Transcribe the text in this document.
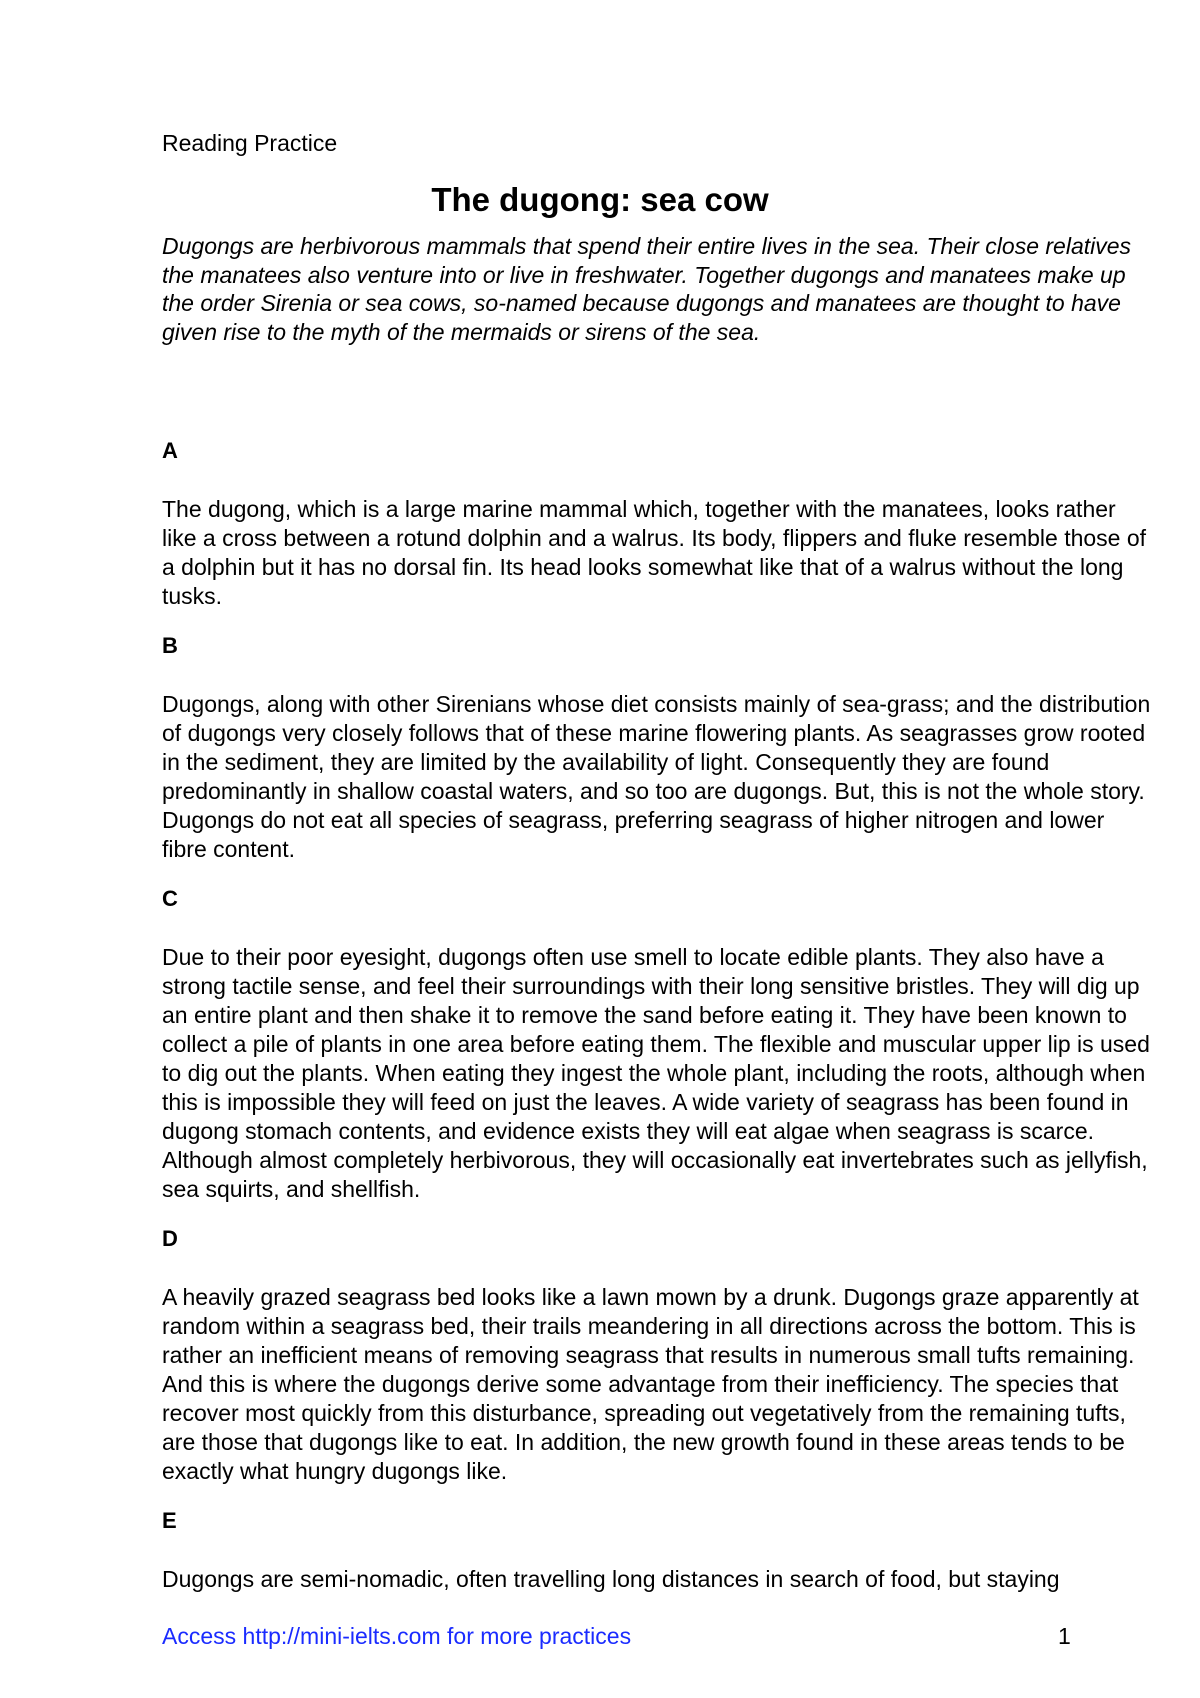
Reading Practice
The dugong: sea cow

Dugongs are herbivorous mammals that spend their entire lives in the sea. Their close relatives the manatees also venture into or live in freshwater. Together dugongs and manatees make up the order Sirenia or sea cows, so-named because dugongs and manatees are thought to have given rise to the myth of the mermaids or sirens of the sea.

A

The dugong, which is a large marine mammal which, together with the manatees, looks rather like a cross between a rotund dolphin and a walrus. Its body, flippers and fluke resemble those of a dolphin but it has no dorsal fin. Its head looks somewhat like that of a walrus without the long tusks.

B

Dugongs, along with other Sirenians whose diet consists mainly of sea-grass; and the distribution of dugongs very closely follows that of these marine flowering plants. As seagrasses grow rooted in the sediment, they are limited by the availability of light. Consequently they are found predominantly in shallow coastal waters, and so too are dugongs. But, this is not the whole story. Dugongs do not eat all species of seagrass, preferring seagrass of higher nitrogen and lower fibre content.

C

Due to their poor eyesight, dugongs often use smell to locate edible plants. They also have a strong tactile sense, and feel their surroundings with their long sensitive bristles. They will dig up an entire plant and then shake it to remove the sand before eating it. They have been known to collect a pile of plants in one area before eating them. The flexible and muscular upper lip is used to dig out the plants. When eating they ingest the whole plant, including the roots, although when this is impossible they will feed on just the leaves. A wide variety of seagrass has been found in dugong stomach contents, and evidence exists they will eat algae when seagrass is scarce. Although almost completely herbivorous, they will occasionally eat invertebrates such as jellyfish, sea squirts, and shellfish.

D

A heavily grazed seagrass bed looks like a lawn mown by a drunk. Dugongs graze apparently at random within a seagrass bed, their trails meandering in all directions across the bottom. This is rather an inefficient means of removing seagrass that results in numerous small tufts remaining. And this is where the dugongs derive some advantage from their inefficiency. The species that recover most quickly from this disturbance, spreading out vegetatively from the remaining tufts, are those that dugongs like to eat. In addition, the new growth found in these areas tends to be exactly what hungry dugongs like.

E

Dugongs are semi-nomadic, often travelling long distances in search of food, but staying

Access http://mini-ielts.com for more practices	1
